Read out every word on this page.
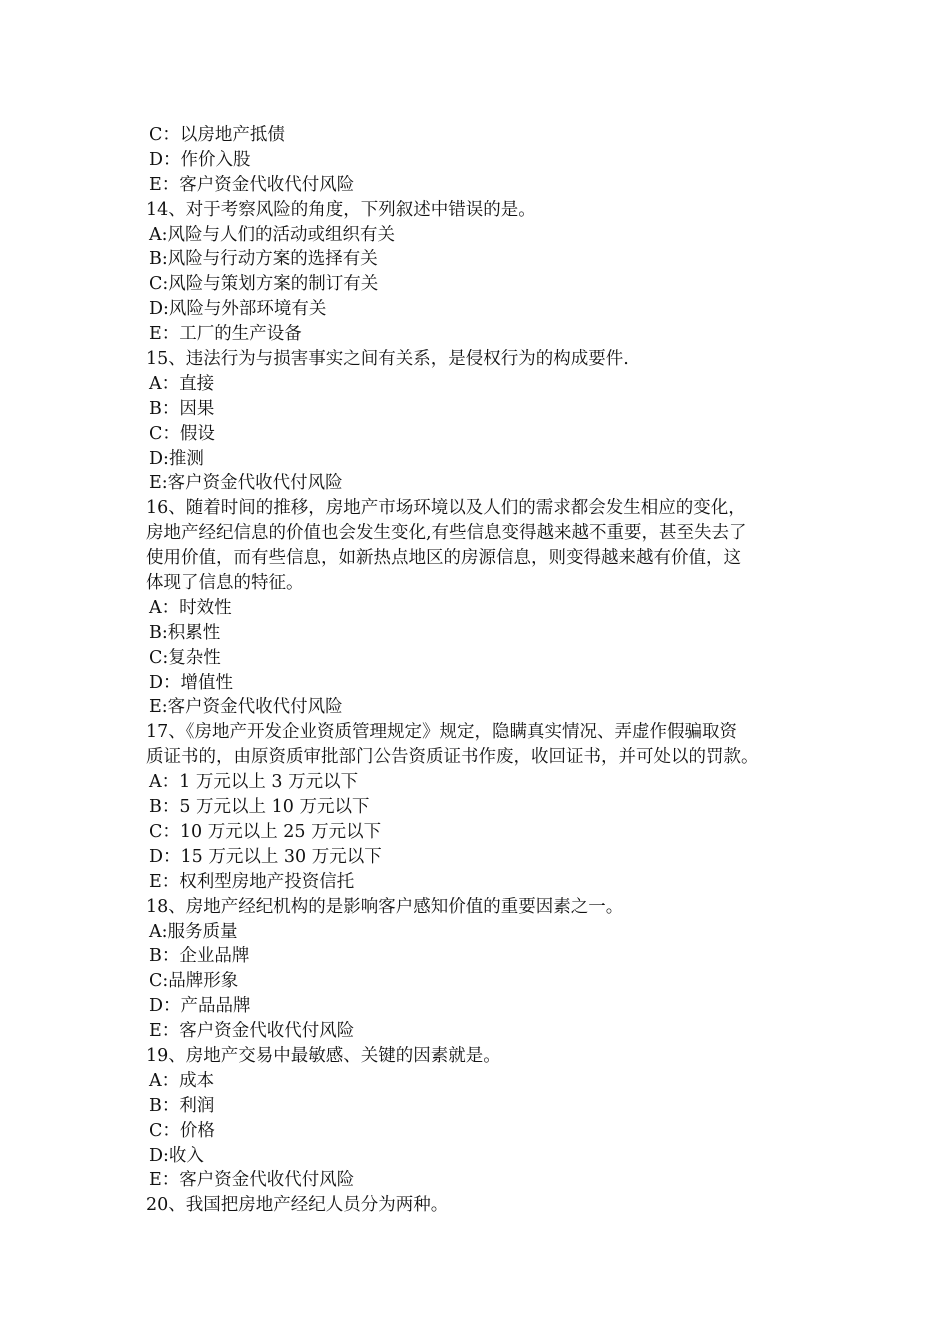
C：以房地产抵债
D：作价入股
E：客户资金代收代付风险
14、对于考察风险的角度，下列叙述中错误的是。
A:风险与人们的活动或组织有关
B:风险与行动方案的选择有关
C:风险与策划方案的制订有关
D:风险与外部环境有关
E：工厂的生产设备
15、违法行为与损害事实之间有关系，是侵权行为的构成要件.
A：直接
B：因果
C：假设
D:推测
E:客户资金代收代付风险
16、随着时间的推移，房地产市场环境以及人们的需求都会发生相应的变化，
房地产经纪信息的价值也会发生变化,有些信息变得越来越不重要，甚至失去了
使用价值，而有些信息，如新热点地区的房源信息，则变得越来越有价值，这
体现了信息的特征。
A：时效性
B:积累性
C:复杂性
D：增值性
E:客户资金代收代付风险
17、《房地产开发企业资质管理规定》规定，隐瞒真实情况、弄虚作假骗取资
质证书的，由原资质审批部门公告资质证书作废，收回证书，并可处以的罚款。
A：1 万元以上 3 万元以下
B：5 万元以上 10 万元以下
C：10 万元以上 25 万元以下
D：15 万元以上 30 万元以下
E：权利型房地产投资信托
18、房地产经纪机构的是影响客户感知价值的重要因素之一。
A:服务质量
B：企业品牌
C:品牌形象
D：产品品牌
E：客户资金代收代付风险
19、房地产交易中最敏感、关键的因素就是。
A：成本
B：利润
C：价格
D:收入
E：客户资金代收代付风险
20、我国把房地产经纪人员分为两种。
